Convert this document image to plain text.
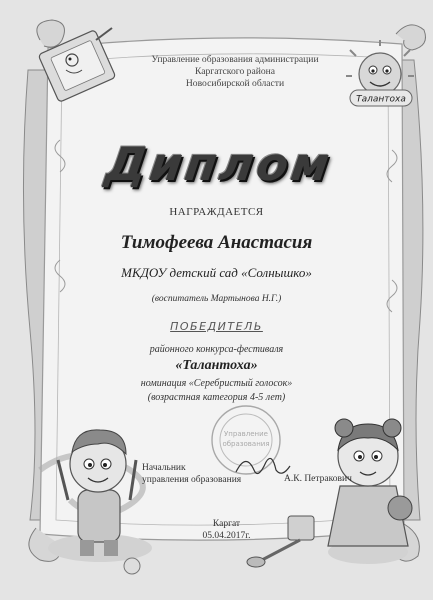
Управление
образования
Талантоха
Управление образования администрации
Каргатского района
Новосибирской области
Диплом
НАГРАЖДАЕТСЯ
Тимофеева Анастасия
МКДОУ детский сад «Солнышко»
(воспитатель Мартынова Н.Г.)
ПОБЕДИТЕЛЬ
районного конкурса-фестиваля
«Талантоха»
номинация «Серебристый голосок»
(возрастная категория 4-5 лет)
Начальник
управления образования	А.К. Петракович
Каргат
05.04.2017г.
